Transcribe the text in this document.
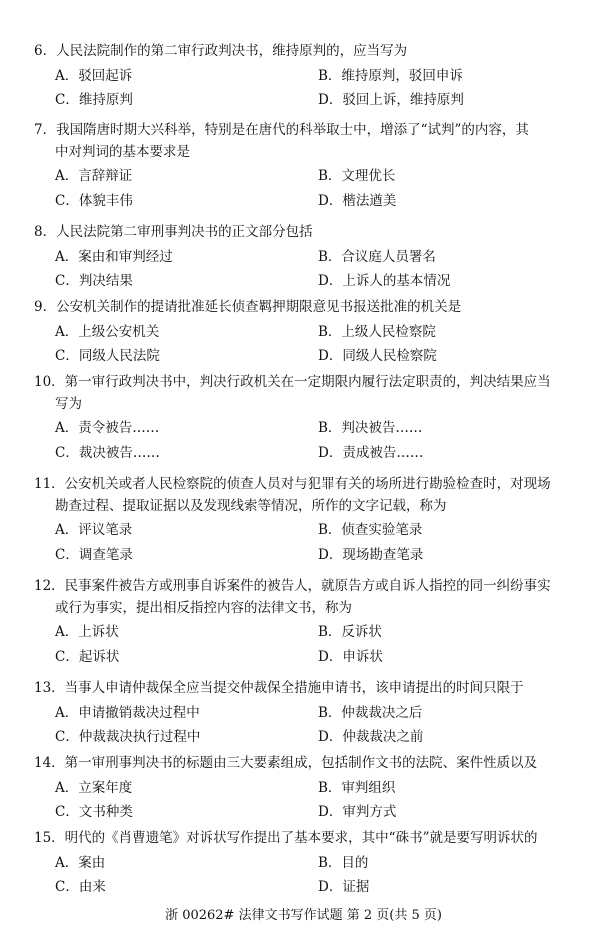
6．人民法院制作的第二审行政判决书，维持原判的，应当写为
A．驳回起诉	B．维持原判，驳回申诉
C．维持原判	D．驳回上诉，维持原判
7．我国隋唐时期大兴科举，特别是在唐代的科举取士中，增添了“试判”的内容，其
中对判词的基本要求是
A．言辞辩证	B．文理优长
C．体貌丰伟	D．楷法遒美
8．人民法院第二审刑事判决书的正文部分包括
A．案由和审判经过	B．合议庭人员署名
C．判决结果	D．上诉人的基本情况
9．公安机关制作的提请批准延长侦查羁押期限意见书报送批准的机关是
A．上级公安机关	B．上级人民检察院
C．同级人民法院	D．同级人民检察院
10．第一审行政判决书中，判决行政机关在一定期限内履行法定职责的，判决结果应当
写为
A．责令被告……	B．判决被告……
C．裁决被告……	D．责成被告……
11．公安机关或者人民检察院的侦查人员对与犯罪有关的场所进行勘验检查时，对现场
勘查过程、提取证据以及发现线索等情况，所作的文字记载，称为
A．评议笔录	B．侦查实验笔录
C．调查笔录	D．现场勘查笔录
12．民事案件被告方或刑事自诉案件的被告人，就原告方或自诉人指控的同一纠纷事实
或行为事实，提出相反指控内容的法律文书，称为
A．上诉状	B．反诉状
C．起诉状	D．申诉状
13．当事人申请仲裁保全应当提交仲裁保全措施申请书，该申请提出的时间只限于
A．申请撤销裁决过程中	B．仲裁裁决之后
C．仲裁裁决执行过程中	D．仲裁裁决之前
14．第一审刑事判决书的标题由三大要素组成，包括制作文书的法院、案件性质以及
A．立案年度	B．审判组织
C．文书种类	D．审判方式
15．明代的《肖曹遗笔》对诉状写作提出了基本要求，其中“硃书”就是要写明诉状的
A．案由	B．目的
C．由来	D．证据
浙 00262# 法律文书写作试题 第 2 页(共 5 页)
